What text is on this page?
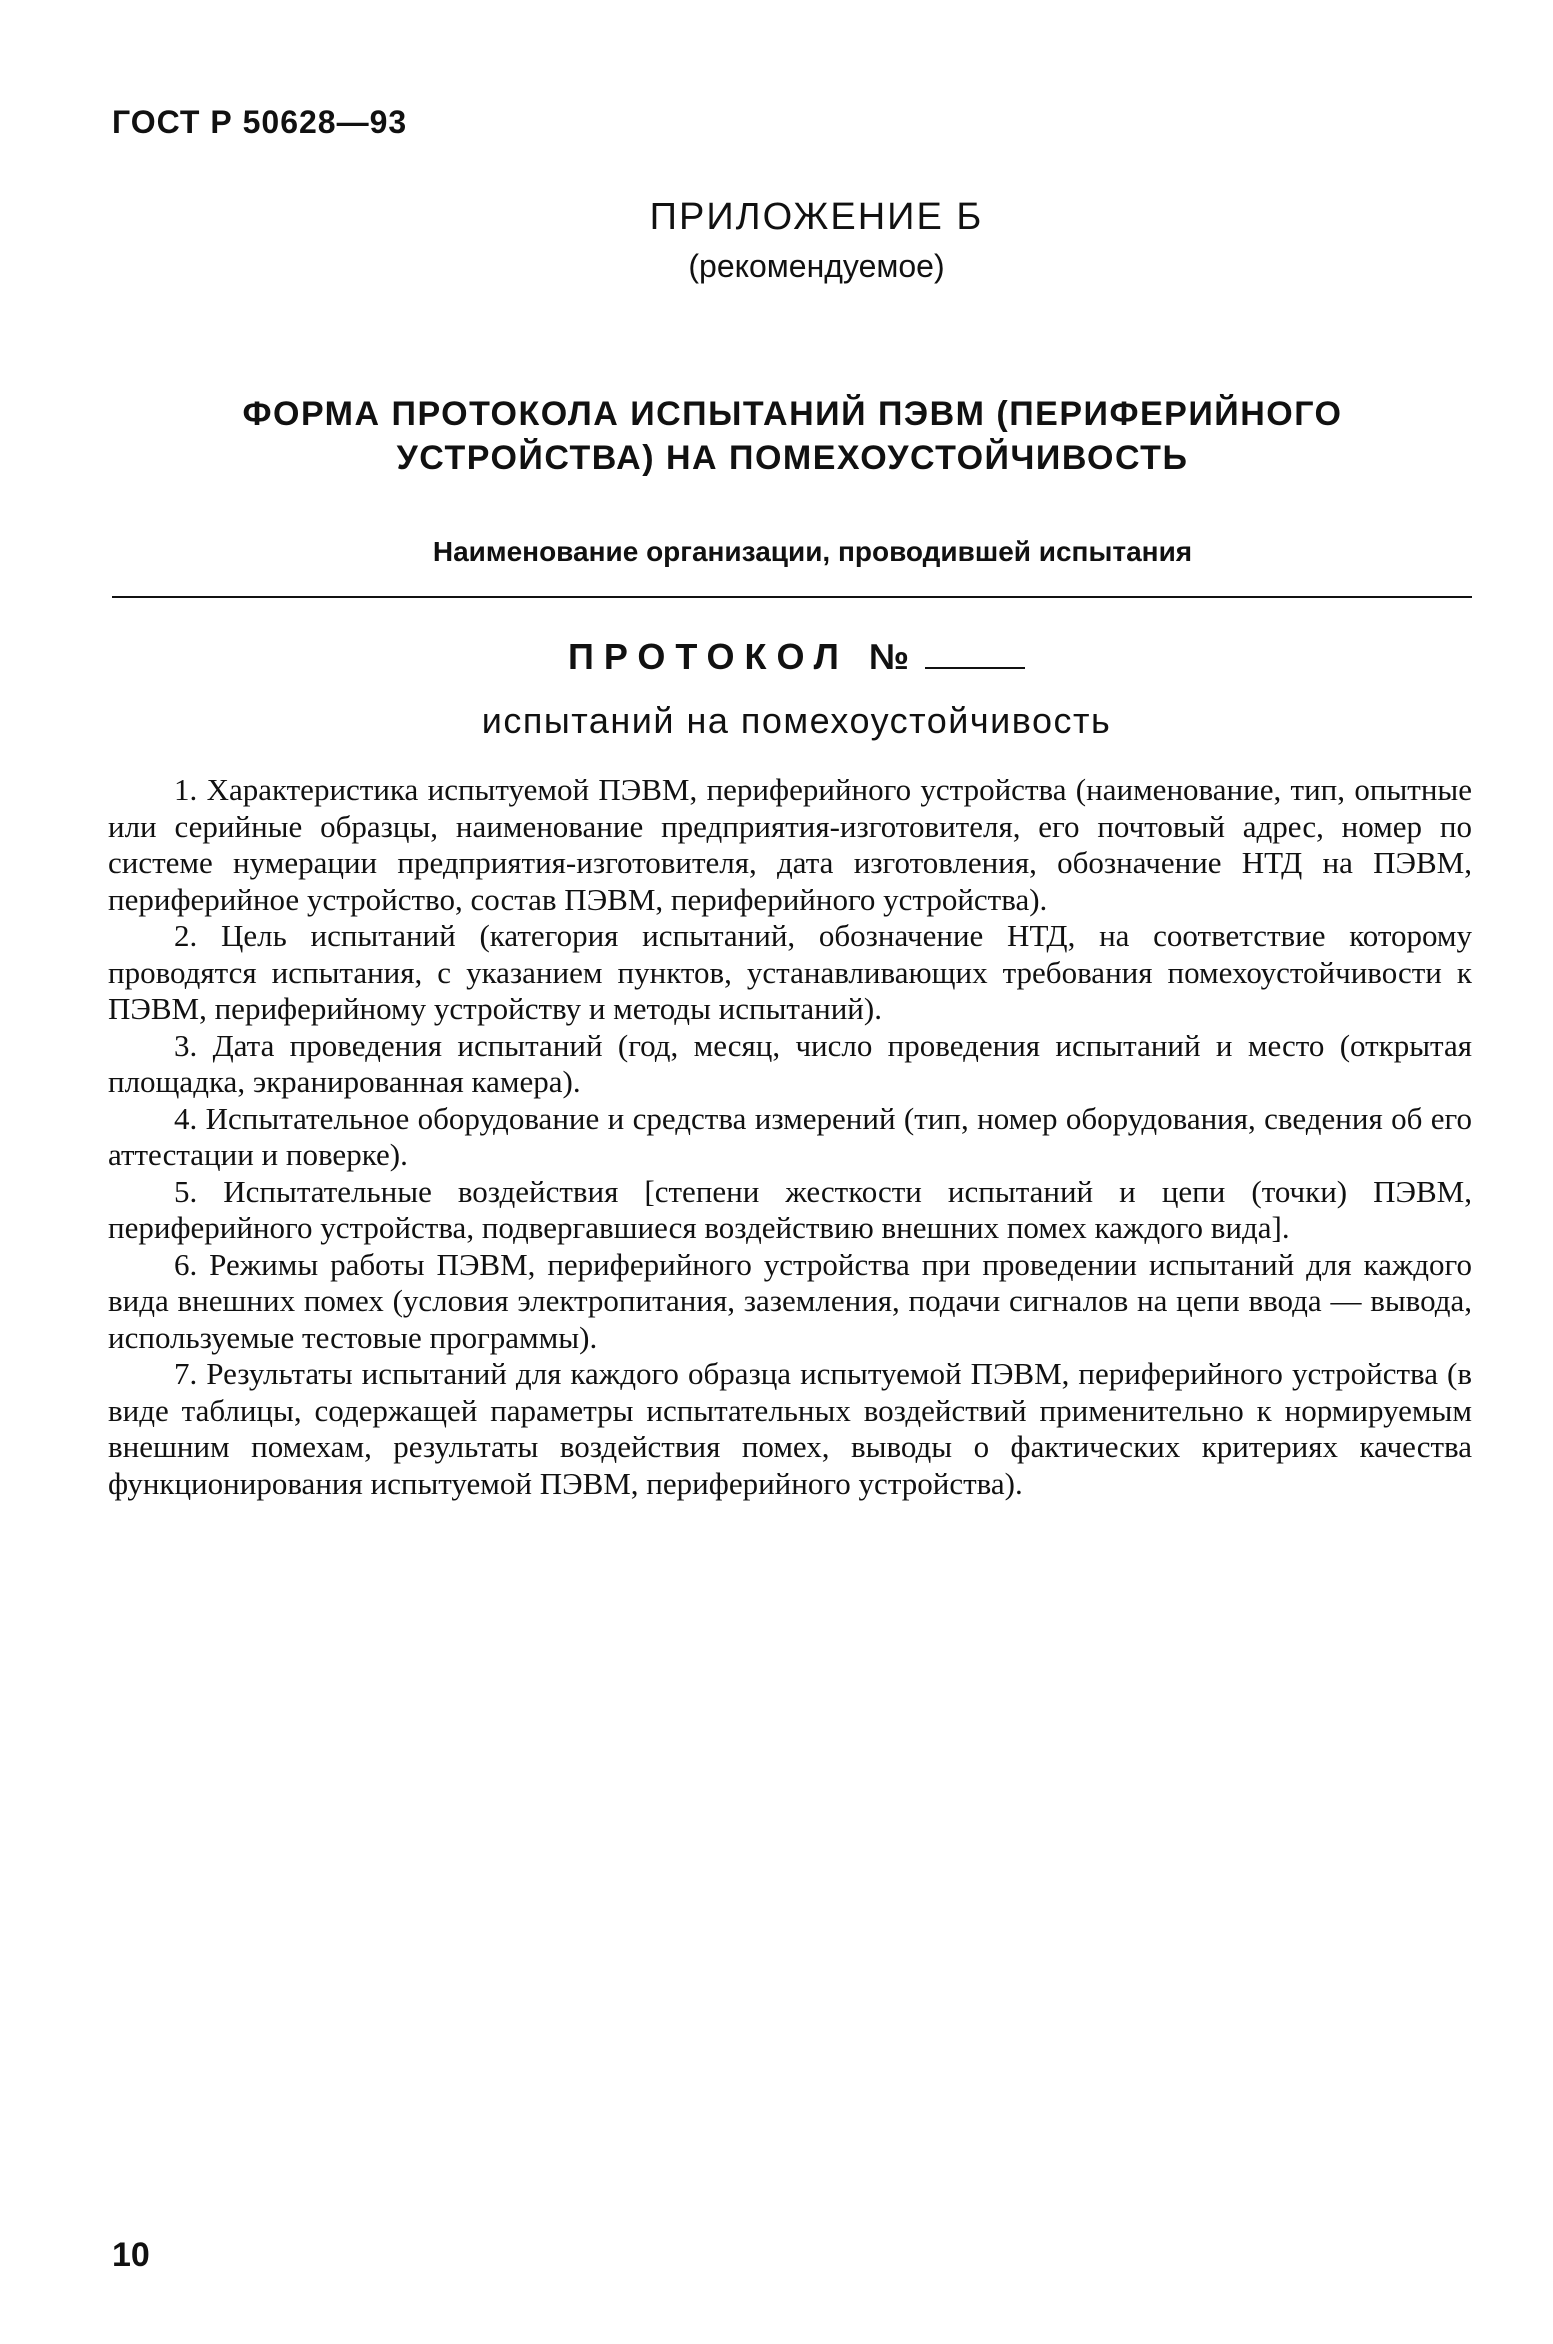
ГОСТ Р 50628—93
ПРИЛОЖЕНИЕ Б
(рекомендуемое)
ФОРМА ПРОТОКОЛА ИСПЫТАНИЙ ПЭВМ (ПЕРИФЕРИЙНОГО
УСТРОЙСТВА) НА ПОМЕХОУСТОЙЧИВОСТЬ
Наименование организации, проводившей испытания
ПРОТОКОЛ №
испытаний на помехоустойчивость

1. Характеристика испытуемой ПЭВМ, периферийного устройства (наименование, тип, опытные или серийные образцы, наименование предприятия-изготовителя, его почтовый адрес, номер по системе нумерации предприятия-изготовителя, дата изготовления, обозначение НТД на ПЭВМ, периферийное устройство, состав ПЭВМ, периферийного устройства).

2. Цель испытаний (категория испытаний, обозначение НТД, на соответствие которому проводятся испытания, с указанием пунктов, устанавливающих требования помехоустойчивости к ПЭВМ, периферийному устройству и методы испытаний).

3. Дата проведения испытаний (год, месяц, число проведения испытаний и место (открытая площадка, экранированная камера).

4. Испытательное оборудование и средства измерений (тип, номер оборудования, сведения об его аттестации и поверке).

5. Испытательные воздействия [степени жесткости испытаний и цепи (точки) ПЭВМ, периферийного устройства, подвергавшиеся воздействию внешних помех каждого вида].

6. Режимы работы ПЭВМ, периферийного устройства при проведении испытаний для каждого вида внешних помех (условия электропитания, заземления, подачи сигналов на цепи ввода — вывода, используемые тестовые программы).

7. Результаты испытаний для каждого образца испытуемой ПЭВМ, периферийного устройства (в виде таблицы, содержащей параметры испытательных воздействий применительно к нормируемым внешним помехам, результаты воздействия помех, выводы о фактических критериях качества функционирования испытуемой ПЭВМ, периферийного устройства).

10
